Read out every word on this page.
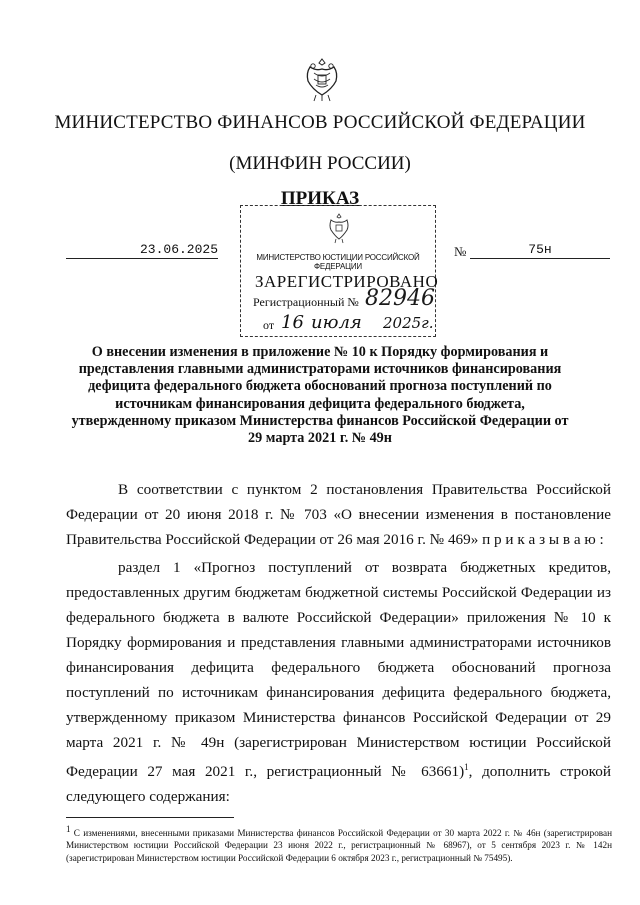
МИНИСТЕРСТВО ФИНАНСОВ РОССИЙСКОЙ ФЕДЕРАЦИИ
(МИНФИН РОССИИ)
ПРИКАЗ
23.06.2025	№	75н
МИНИСТЕРСТВО ЮСТИЦИИ РОССИЙСКОЙ ФЕДЕРАЦИИ
ЗАРЕГИСТРИРОВАНО
Регистрационный № 82946
от 16 июля 2025г.
О внесении изменения в приложение № 10 к Порядку формирования и представления главными администраторами источников финансирования дефицита федерального бюджета обоснований прогноза поступлений по источникам финансирования дефицита федерального бюджета, утвержденному приказом Министерства финансов Российской Федерации от 29 марта 2021 г. № 49н
В соответствии с пунктом 2 постановления Правительства Российской Федерации от 20 июня 2018 г. № 703 «О внесении изменения в постановление Правительства Российской Федерации от 26 мая 2016 г. № 469» п р и к а з ы в а ю :
раздел 1 «Прогноз поступлений от возврата бюджетных кредитов, предоставленных другим бюджетам бюджетной системы Российской Федерации из федерального бюджета в валюте Российской Федерации» приложения № 10 к Порядку формирования и представления главными администраторами источников финансирования дефицита федерального бюджета обоснований прогноза поступлений по источникам финансирования дефицита федерального бюджета, утвержденному приказом Министерства финансов Российской Федерации от 29 марта 2021 г. № 49н (зарегистрирован Министерством юстиции Российской Федерации 27 мая 2021 г., регистрационный № 63661)$^1$, дополнить строкой следующего содержания:
$^1$ С изменениями, внесенными приказами Министерства финансов Российской Федерации от 30 марта 2022 г. № 46н (зарегистрирован Министерством юстиции Российской Федерации 23 июня 2022 г., регистрационный № 68967), от 5 сентября 2023 г. № 142н (зарегистрирован Министерством юстиции Российской Федерации 6 октября 2023 г., регистрационный № 75495).
